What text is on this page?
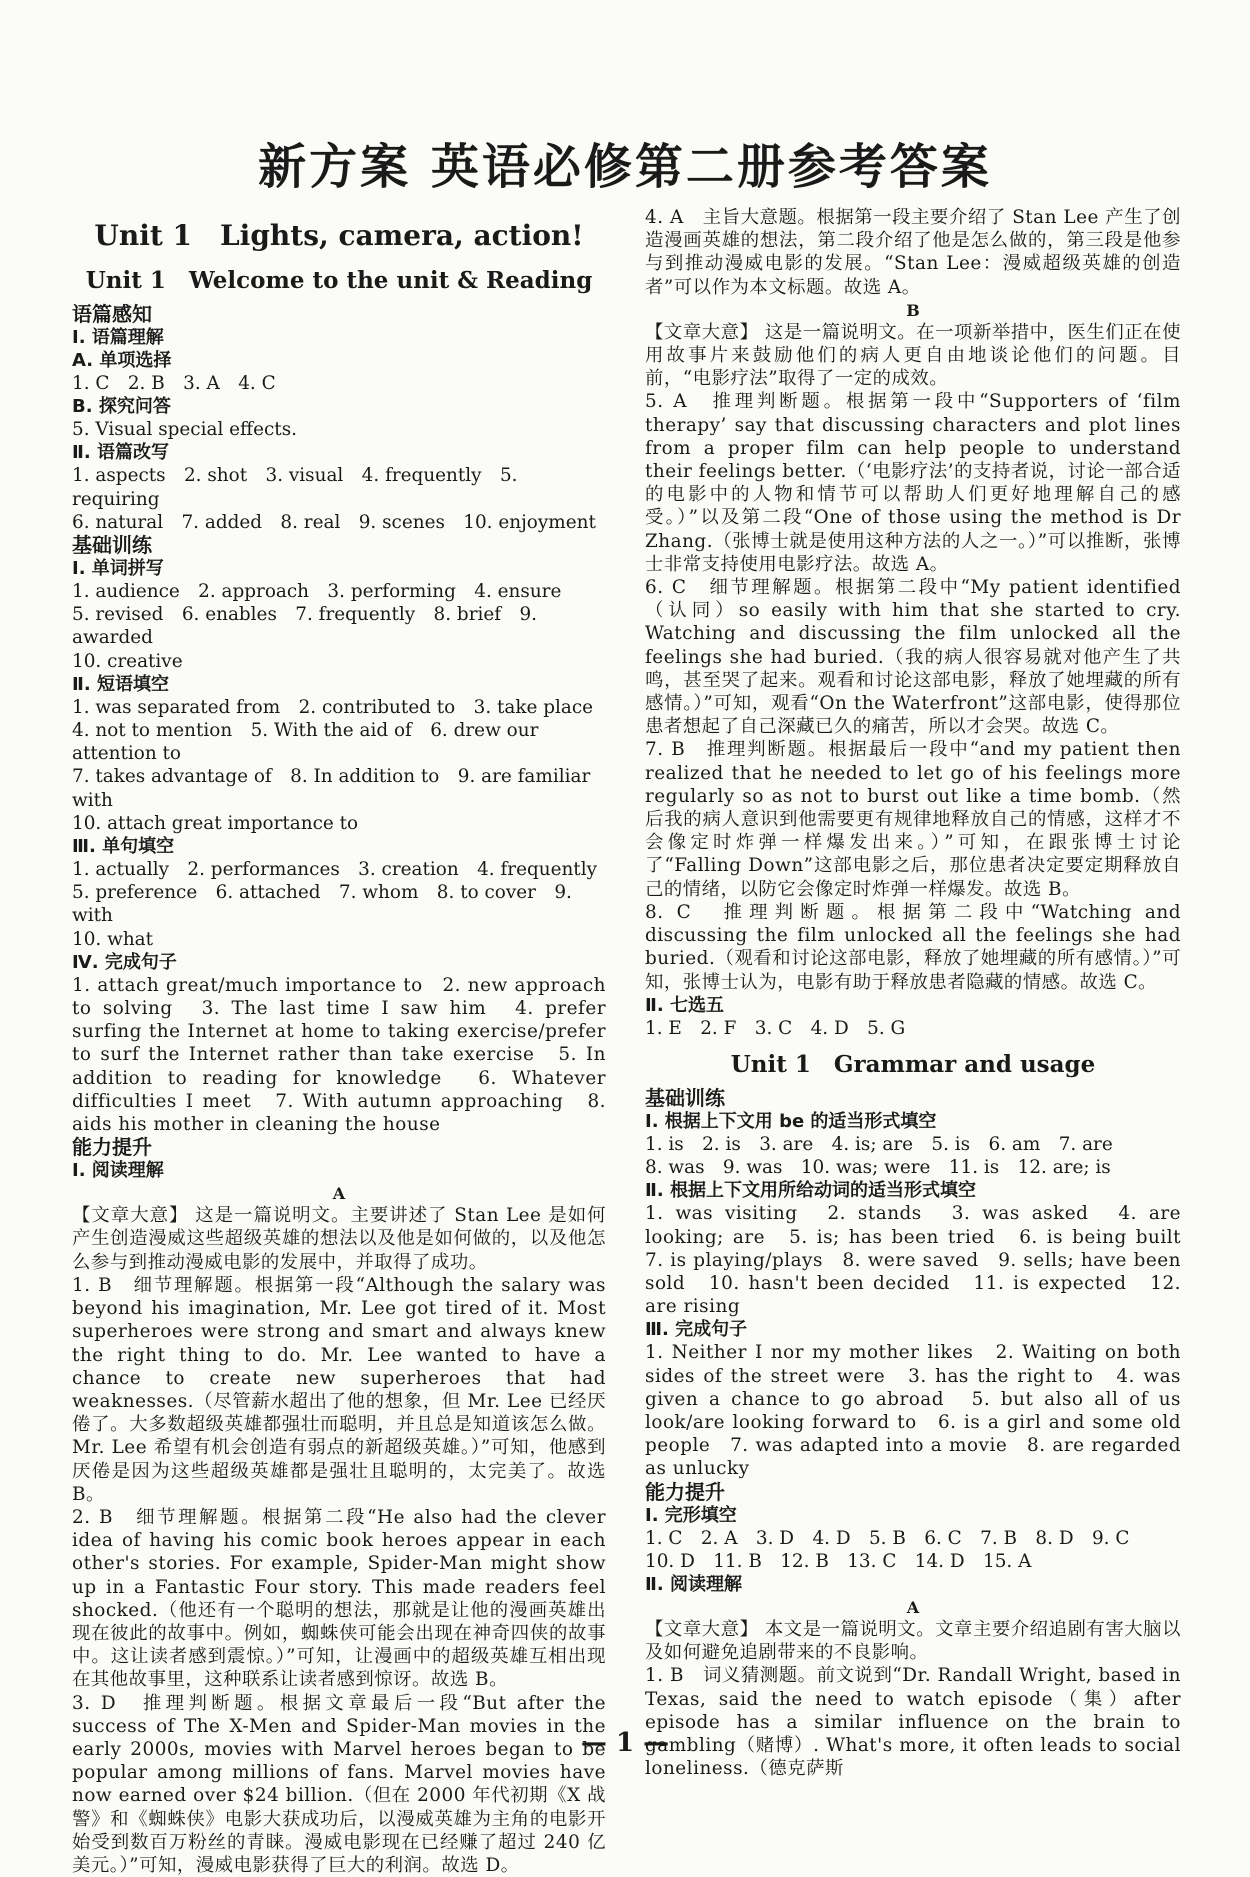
新方案 英语必修第二册参考答案
Unit 1　Lights, camera, action!
Unit 1　Welcome to the unit & Reading
语篇感知
Ⅰ. 语篇理解
A. 单项选择
1. C　2. B　3. A　4. C
B. 探究问答
5. Visual special effects.
Ⅱ. 语篇改写
1. aspects　2. shot　3. visual　4. frequently　5. requiring
6. natural　7. added　8. real　9. scenes　10. enjoyment
基础训练
Ⅰ. 单词拼写
1. audience　2. approach　3. performing　4. ensure
5. revised　6. enables　7. frequently　8. brief　9. awarded
10. creative
Ⅱ. 短语填空
1. was separated from　2. contributed to　3. take place
4. not to mention　5. With the aid of　6. drew our attention to
7. takes advantage of　8. In addition to　9. are familiar with
10. attach great importance to
Ⅲ. 单句填空
1. actually　2. performances　3. creation　4. frequently
5. preference　6. attached　7. whom　8. to cover　9. with
10. what
Ⅳ. 完成句子
1. attach great/much importance to　2. new approach to solving　3. The last time I saw him　4. prefer surfing the Internet at home to taking exercise/prefer to surf the Internet rather than take exercise　5. In addition to reading for knowledge　6. Whatever difficulties I meet　7. With autumn approaching　8. aids his mother in cleaning the house
能力提升
Ⅰ. 阅读理解
A
【文章大意】 这是一篇说明文。主要讲述了 Stan Lee 是如何产生创造漫威这些超级英雄的想法以及他是如何做的，以及他怎么参与到推动漫威电影的发展中，并取得了成功。
1. B　细节理解题。根据第一段“Although the salary was beyond his imagination, Mr. Lee got tired of it. Most superheroes were strong and smart and always knew the right thing to do. Mr. Lee wanted to have a chance to create new superheroes that had weaknesses.（尽管薪水超出了他的想象，但 Mr. Lee 已经厌倦了。大多数超级英雄都强壮而聪明，并且总是知道该怎么做。Mr. Lee 希望有机会创造有弱点的新超级英雄。）”可知，他感到厌倦是因为这些超级英雄都是强壮且聪明的，太完美了。故选 B。
2. B　细节理解题。根据第二段“He also had the clever idea of having his comic book heroes appear in each other's stories. For example, Spider-Man might show up in a Fantastic Four story. This made readers feel shocked.（他还有一个聪明的想法，那就是让他的漫画英雄出现在彼此的故事中。例如，蜘蛛侠可能会出现在神奇四侠的故事中。这让读者感到震惊。）”可知，让漫画中的超级英雄互相出现在其他故事里，这种联系让读者感到惊讶。故选 B。
3. D　推理判断题。根据文章最后一段“But after the success of The X-Men and Spider-Man movies in the early 2000s, movies with Marvel heroes began to be popular among millions of fans. Marvel movies have now earned over $24 billion.（但在 2000 年代初期《X 战警》和《蜘蛛侠》电影大获成功后，以漫威英雄为主角的电影开始受到数百万粉丝的青睐。漫威电影现在已经赚了超过 240 亿美元。）”可知，漫威电影获得了巨大的利润。故选 D。
4. A　主旨大意题。根据第一段主要介绍了 Stan Lee 产生了创造漫画英雄的想法，第二段介绍了他是怎么做的，第三段是他参与到推动漫威电影的发展。“Stan Lee：漫威超级英雄的创造者”可以作为本文标题。故选 A。
B
【文章大意】 这是一篇说明文。在一项新举措中，医生们正在使用故事片来鼓励他们的病人更自由地谈论他们的问题。目前，“电影疗法”取得了一定的成效。
5. A　推理判断题。根据第一段中“Supporters of ‘film therapy’ say that discussing characters and plot lines from a proper film can help people to understand their feelings better.（‘电影疗法’的支持者说，讨论一部合适的电影中的人物和情节可以帮助人们更好地理解自己的感受。）”以及第二段“One of those using the method is Dr Zhang.（张博士就是使用这种方法的人之一。）”可以推断，张博士非常支持使用电影疗法。故选 A。
6. C　细节理解题。根据第二段中“My patient identified（认同）so easily with him that she started to cry. Watching and discussing the film unlocked all the feelings she had buried.（我的病人很容易就对他产生了共鸣，甚至哭了起来。观看和讨论这部电影，释放了她埋藏的所有感情。）”可知，观看“On the Waterfront”这部电影，使得那位患者想起了自己深藏已久的痛苦，所以才会哭。故选 C。
7. B　推理判断题。根据最后一段中“and my patient then realized that he needed to let go of his feelings more regularly so as not to burst out like a time bomb.（然后我的病人意识到他需要更有规律地释放自己的情感，这样才不会像定时炸弹一样爆发出来。）”可知，在跟张博士讨论了“Falling Down”这部电影之后，那位患者决定要定期释放自己的情绪，以防它会像定时炸弹一样爆发。故选 B。
8. C　推理判断题。根据第二段中“Watching and discussing the film unlocked all the feelings she had buried.（观看和讨论这部电影，释放了她埋藏的所有感情。）”可知，张博士认为，电影有助于释放患者隐藏的情感。故选 C。
Ⅱ. 七选五
1. E　2. F　3. C　4. D　5. G
Unit 1　Grammar and usage
基础训练
Ⅰ. 根据上下文用 be 的适当形式填空
1. is　2. is　3. are　4. is; are　5. is　6. am　7. are
8. was　9. was　10. was; were　11. is　12. are; is
Ⅱ. 根据上下文用所给动词的适当形式填空
1. was visiting　2. stands　3. was asked　4. are looking; are　5. is; has been tried　6. is being built　7. is playing/plays　8. were saved　9. sells; have been sold　10. hasn't been decided　11. is expected　12. are rising
Ⅲ. 完成句子
1. Neither I nor my mother likes　2. Waiting on both sides of the street were　3. has the right to　4. was given a chance to go abroad　5. but also all of us look/are looking forward to　6. is a girl and some old people　7. was adapted into a movie　8. are regarded as unlucky
能力提升
Ⅰ. 完形填空
1. C　2. A　3. D　4. D　5. B　6. C　7. B　8. D　9. C
10. D　11. B　12. B　13. C　14. D　15. A
Ⅱ. 阅读理解
A
【文章大意】 本文是一篇说明文。文章主要介绍追剧有害大脑以及如何避免追剧带来的不良影响。
1. B　词义猜测题。前文说到“Dr. Randall Wright, based in Texas, said the need to watch episode（集）after episode has a similar influence on the brain to gambling（赌博）. What's more, it often leads to social loneliness.（德克萨斯
— 1 —
